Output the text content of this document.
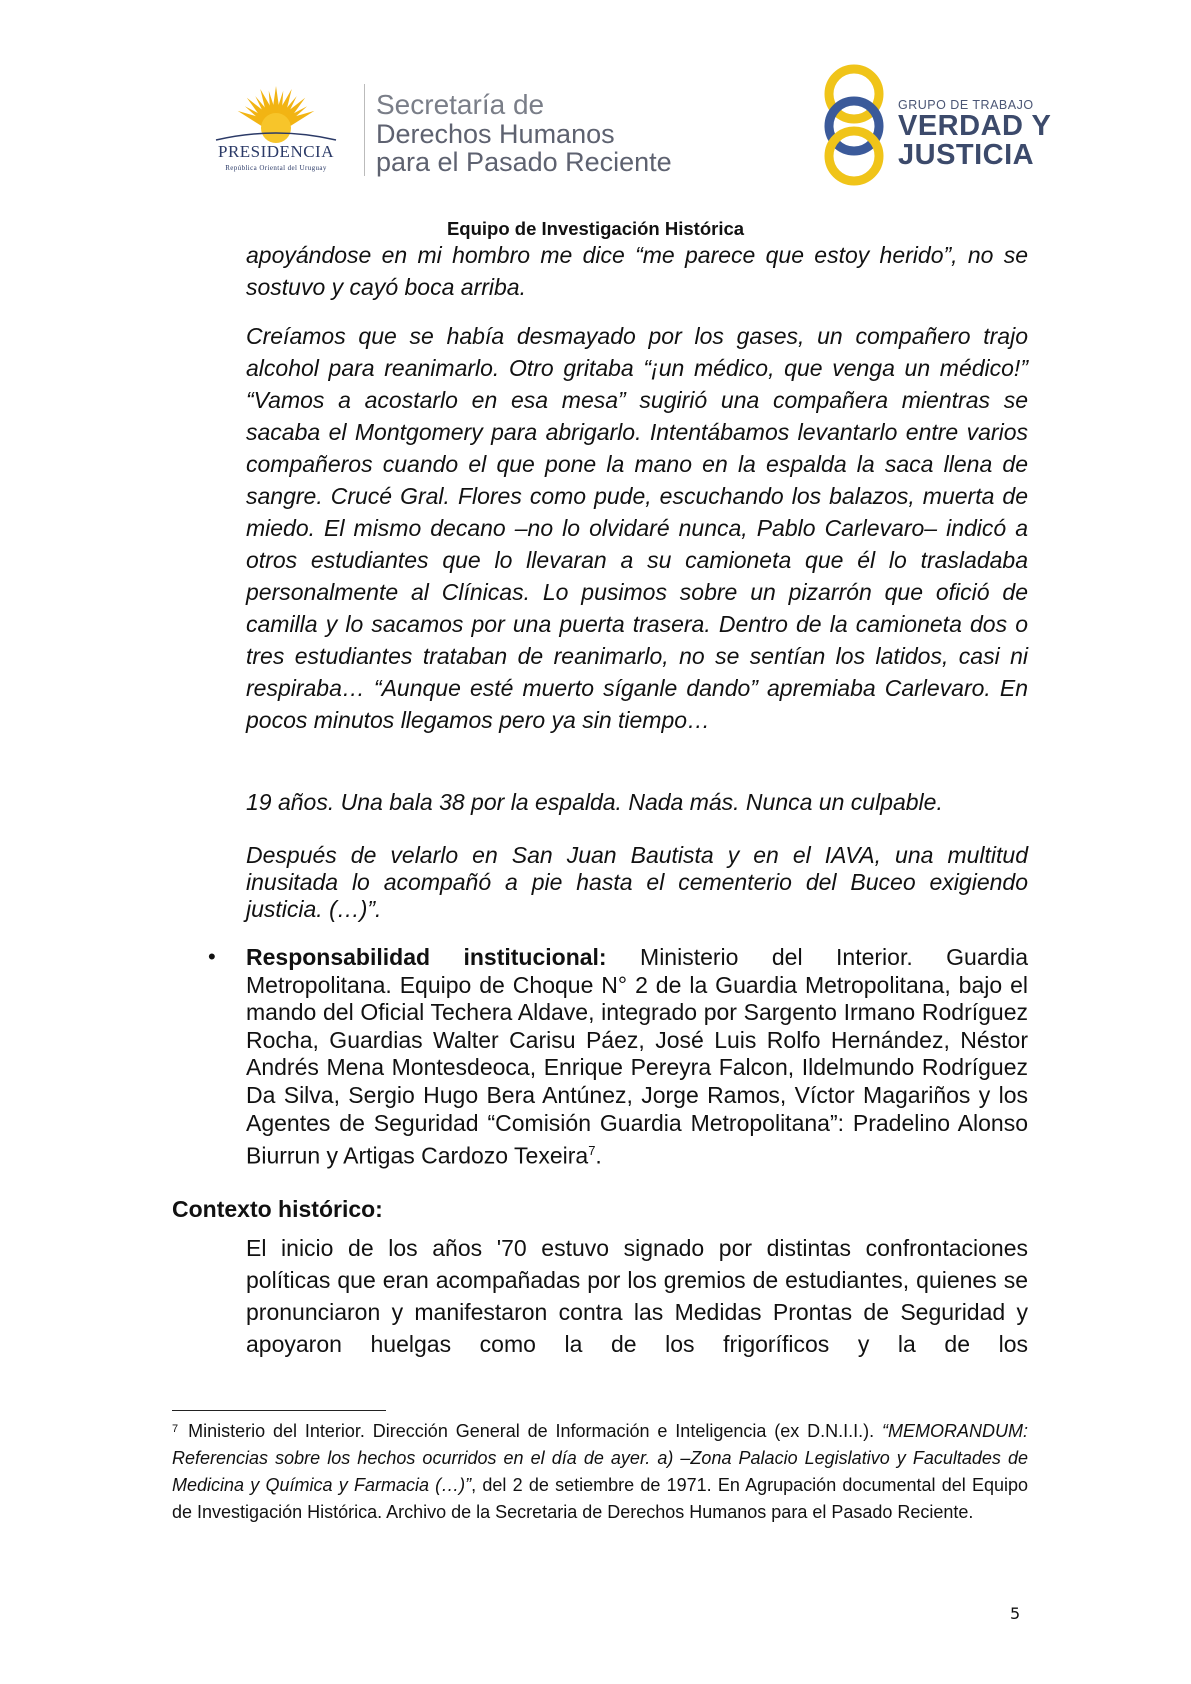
PRESIDENCIA
República Oriental del Uruguay
Secretaría de
Derechos Humanos
para el Pasado Reciente
GRUPO DE TRABAJO
VERDAD Y
JUSTICIA
Equipo de Investigación Histórica
apoyándose en mi hombro me dice “me parece que estoy herido”, no se sostuvo y cayó boca arriba.
Creíamos que se había desmayado por los gases, un compañero trajo alcohol para reanimarlo. Otro gritaba “¡un médico, que venga un médico!” “Vamos a acostarlo en esa mesa” sugirió una compañera mientras se sacaba el Montgomery para abrigarlo. Intentábamos levantarlo entre varios compañeros cuando el que pone la mano en la espalda la saca llena de sangre. Crucé Gral. Flores como pude, escuchando los balazos, muerta de miedo. El mismo decano –no lo olvidaré nunca, Pablo Carlevaro– indicó a otros estudiantes que lo llevaran a su camioneta que él lo trasladaba personalmente al Clínicas. Lo pusimos sobre un pizarrón que ofició de camilla y lo sacamos por una puerta trasera. Dentro de la camioneta dos o tres estudiantes trataban de reanimarlo, no se sentían los latidos, casi ni respiraba… “Aunque esté muerto síganle dando” apremiaba Carlevaro. En pocos minutos llegamos pero ya sin tiempo…
19 años. Una bala 38 por la espalda. Nada más. Nunca un culpable.
Después de velarlo en San Juan Bautista y en el IAVA, una multitud inusitada lo acompañó a pie hasta el cementerio del Buceo exigiendo justicia. (…)”.
• Responsabilidad institucional: Ministerio del Interior. Guardia Metropolitana. Equipo de Choque N° 2 de la Guardia Metropolitana, bajo el mando del Oficial Techera Aldave, integrado por Sargento Irmano Rodríguez Rocha, Guardias Walter Carisu Páez, José Luis Rolfo Hernández, Néstor Andrés Mena Montesdeoca, Enrique Pereyra Falcon, Ildelmundo Rodríguez Da Silva, Sergio Hugo Bera Antúnez, Jorge Ramos, Víctor Magariños y los Agentes de Seguridad “Comisión Guardia Metropolitana”: Pradelino Alonso Biurrun y Artigas Cardozo Texeira$^7$.
Contexto histórico:
El inicio de los años '70 estuvo signado por distintas confrontaciones políticas que eran acompañadas por los gremios de estudiantes, quienes se pronunciaron y manifestaron contra las Medidas Prontas de Seguridad y apoyaron huelgas como la de los frigoríficos y la de los
$^7$ Ministerio del Interior. Dirección General de Información e Inteligencia (ex D.N.I.I.). “MEMORANDUM: Referencias sobre los hechos ocurridos en el día de ayer. a) –Zona Palacio Legislativo y Facultades de Medicina y Química y Farmacia (…)”, del 2 de setiembre de 1971. En Agrupación documental del Equipo de Investigación Histórica. Archivo de la Secretaria de Derechos Humanos para el Pasado Reciente.
5
